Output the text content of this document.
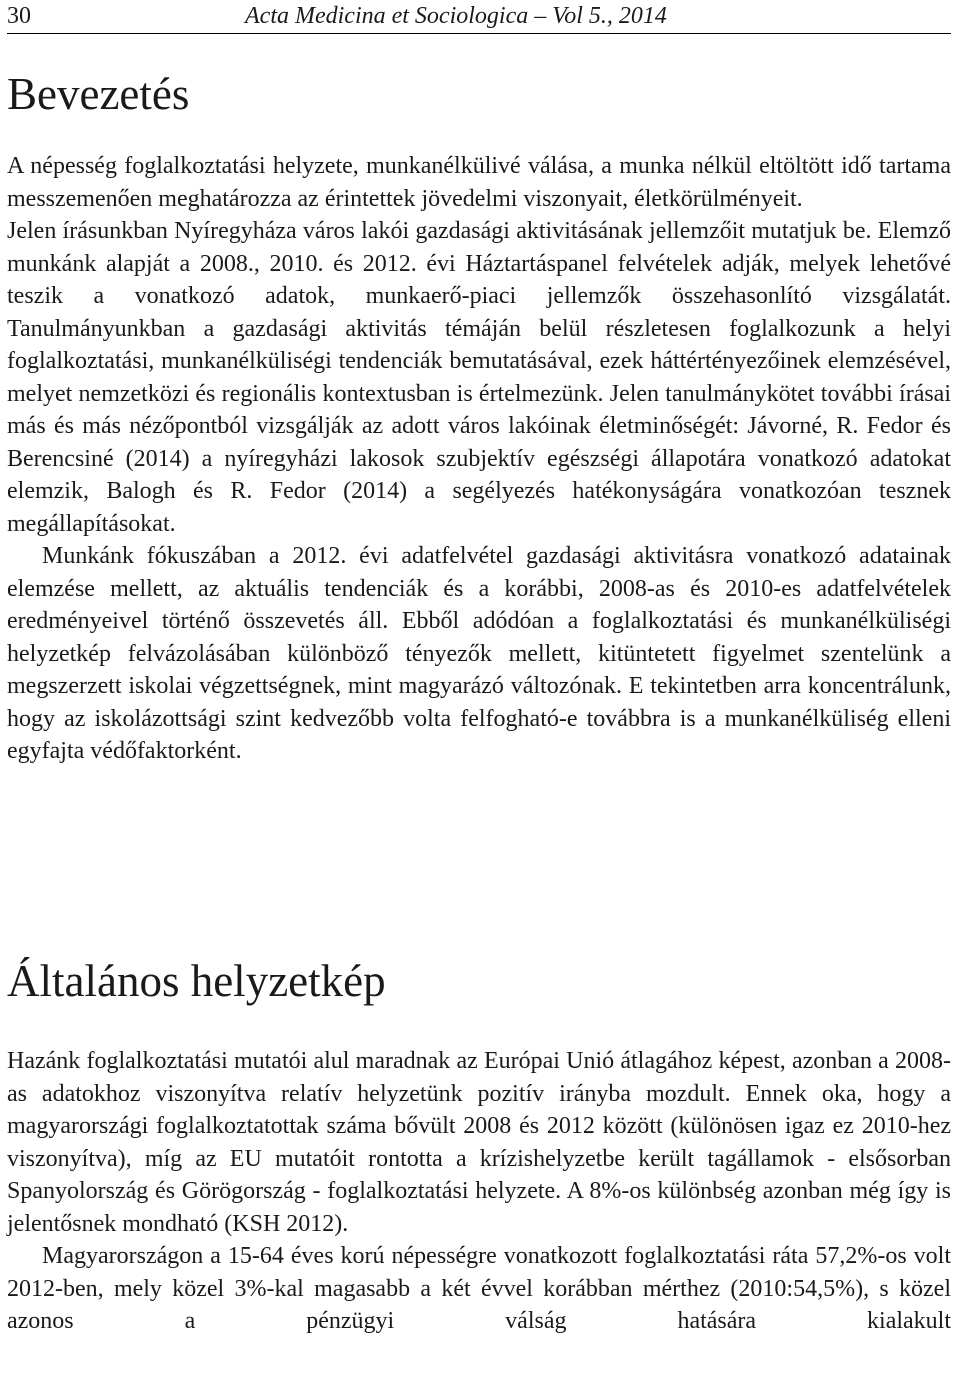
30	Acta Medicina et Sociologica – Vol 5., 2014
Bevezetés

A népesség foglalkoztatási helyzete, munkanélkülivé válása, a munka nélkül eltöltött idő tartama messzemenően meghatározza az érintettek jövedelmi viszonyait, életkörülményeit.

Jelen írásunkban Nyíregyháza város lakói gazdasági aktivitásának jellemzőit mutatjuk be. Elemző munkánk alapját a 2008., 2010. és 2012. évi Háztartáspanel felvételek adják, melyek lehetővé teszik a vonatkozó adatok, munkaerő-piaci jellemzők összehasonlító vizsgálatát. Tanulmányunkban a gazdasági aktivitás témáján belül részletesen foglalkozunk a helyi foglalkoztatási, munkanélküliségi tendenciák bemutatásával, ezek háttértényezőinek elemzésével, melyet nemzetközi és regionális kontextusban is értelmezünk. Jelen tanulmánykötet további írásai más és más nézőpontból vizsgálják az adott város lakóinak életminőségét: Jávorné, R. Fedor és Berencsiné (2014) a nyíregyházi lakosok szubjektív egészségi állapotára vonatkozó adatokat elemzik, Balogh és R. Fedor (2014) a segélyezés hatékonyságára vonatkozóan tesznek megállapításokat.

Munkánk fókuszában a 2012. évi adatfelvétel gazdasági aktivitásra vonatkozó adatainak elemzése mellett, az aktuális tendenciák és a korábbi, 2008-as és 2010-es adatfelvételek eredményeivel történő összevetés áll. Ebből adódóan a foglalkoztatási és munkanélküliségi helyzetkép felvázolásában különböző tényezők mellett, kitüntetett figyelmet szentelünk a megszerzett iskolai végzettségnek, mint magyarázó változónak. E tekintetben arra koncentrálunk, hogy az iskolázottsági szint kedvezőbb volta felfogható-e továbbra is a munkanélküliség elleni egyfajta védőfaktorként.

Általános helyzetkép

Hazánk foglalkoztatási mutatói alul maradnak az Európai Unió átlagához képest, azonban a 2008-as adatokhoz viszonyítva relatív helyzetünk pozitív irányba mozdult. Ennek oka, hogy a magyarországi foglalkoztatottak száma bővült 2008 és 2012 között (különösen igaz ez 2010-hez viszonyítva), míg az EU mutatóit rontotta a krízishelyzetbe került tagállamok - elsősorban Spanyolország és Görögország - foglalkoztatási helyzete. A 8%-os különbség azonban még így is jelentősnek mondható (KSH 2012).

Magyarországon a 15-64 éves korú népességre vonatkozott foglalkoztatási ráta 57,2%-os volt 2012-ben, mely közel 3%-kal magasabb a két évvel korábban mérthez (2010:54,5%), s közel azonos a pénzügyi válság hatására kialakult
